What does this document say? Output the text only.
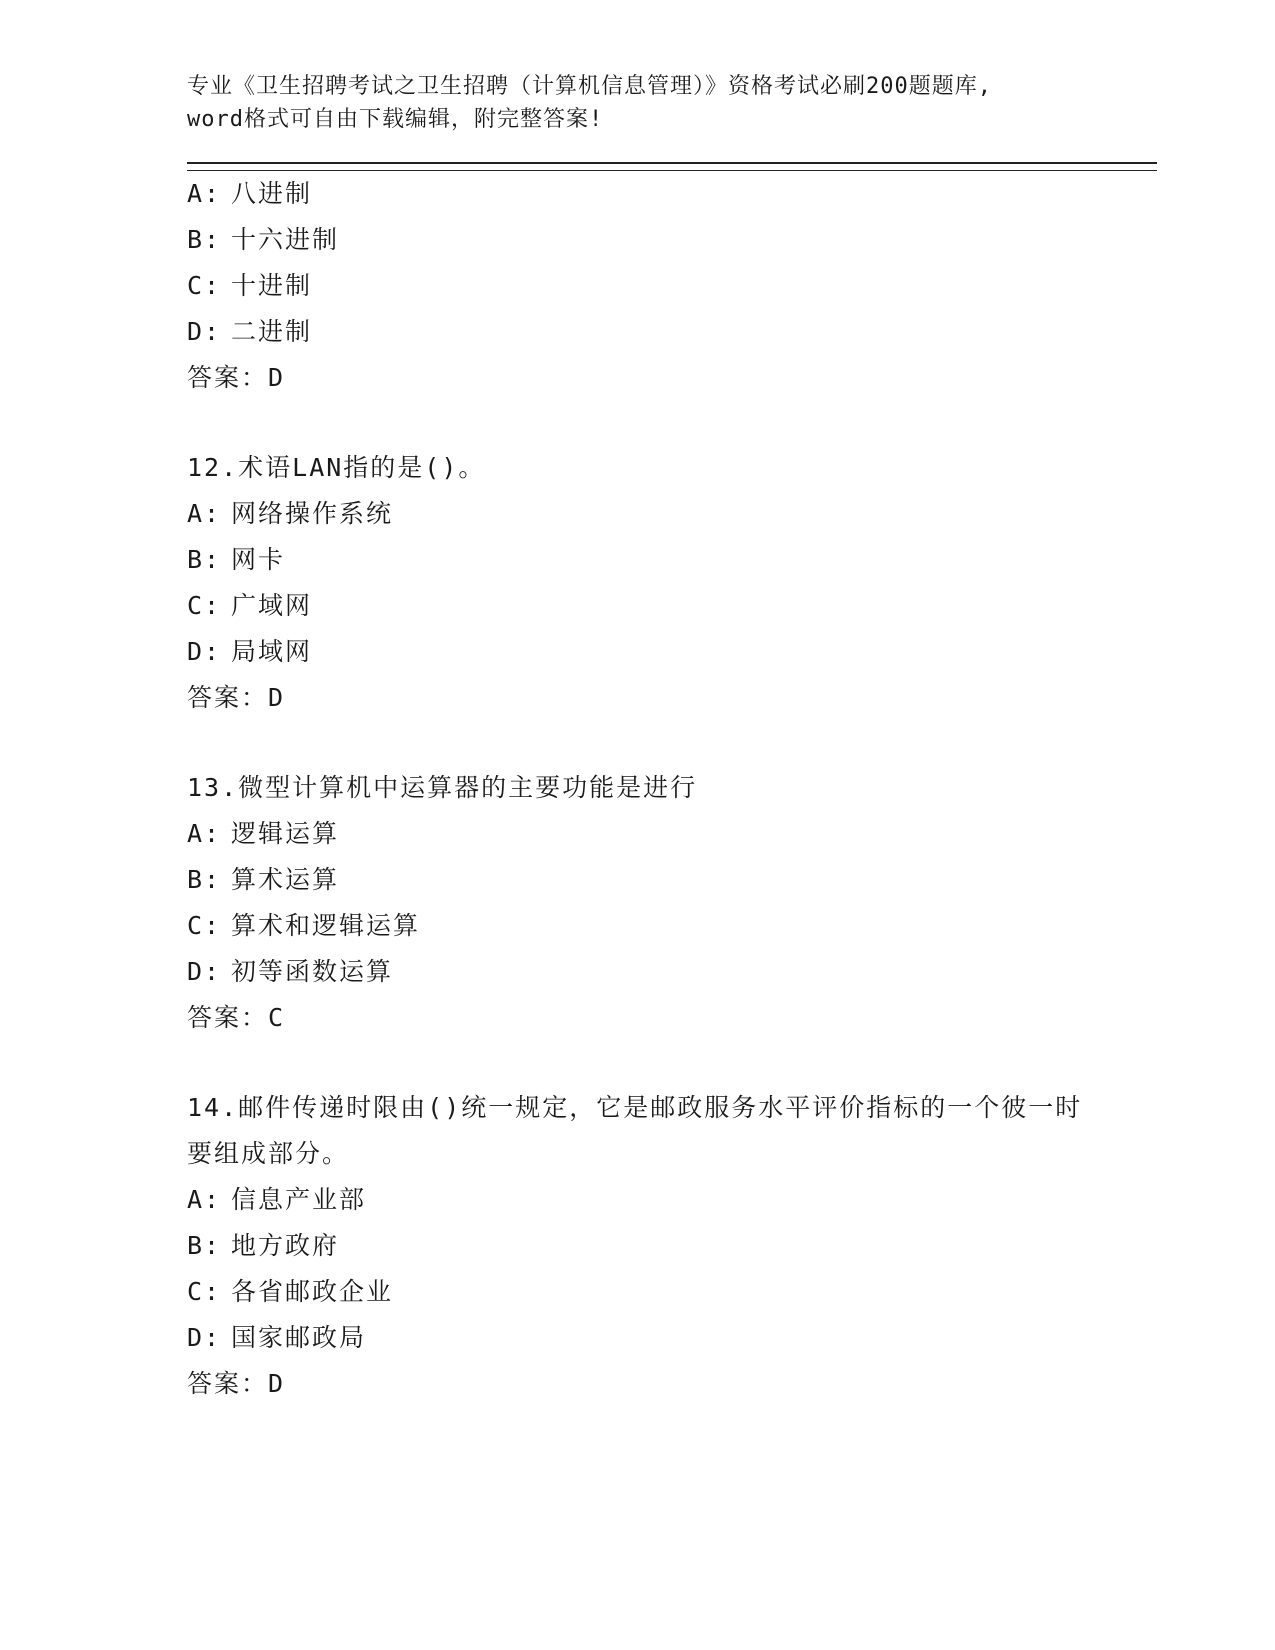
专业《卫生招聘考试之卫生招聘（计算机信息管理）》资格考试必刷200题题库,

word格式可自由下载编辑，附完整答案!

A: 八进制
B: 十六进制
C: 十进制
D: 二进制
答案：D
12.术语LAN指的是()。
A: 网络操作系统
B: 网卡
C: 广域网
D: 局域网
答案：D
13.微型计算机中运算器的主要功能是进行
A: 逻辑运算
B: 算术运算
C: 算术和逻辑运算
D: 初等函数运算
答案：C
14.邮件传递时限由()统一规定，它是邮政服务水平评价指标的一个彼一时要组成部分。
A: 信息产业部
B: 地方政府
C: 各省邮政企业
D: 国家邮政局
答案：D
